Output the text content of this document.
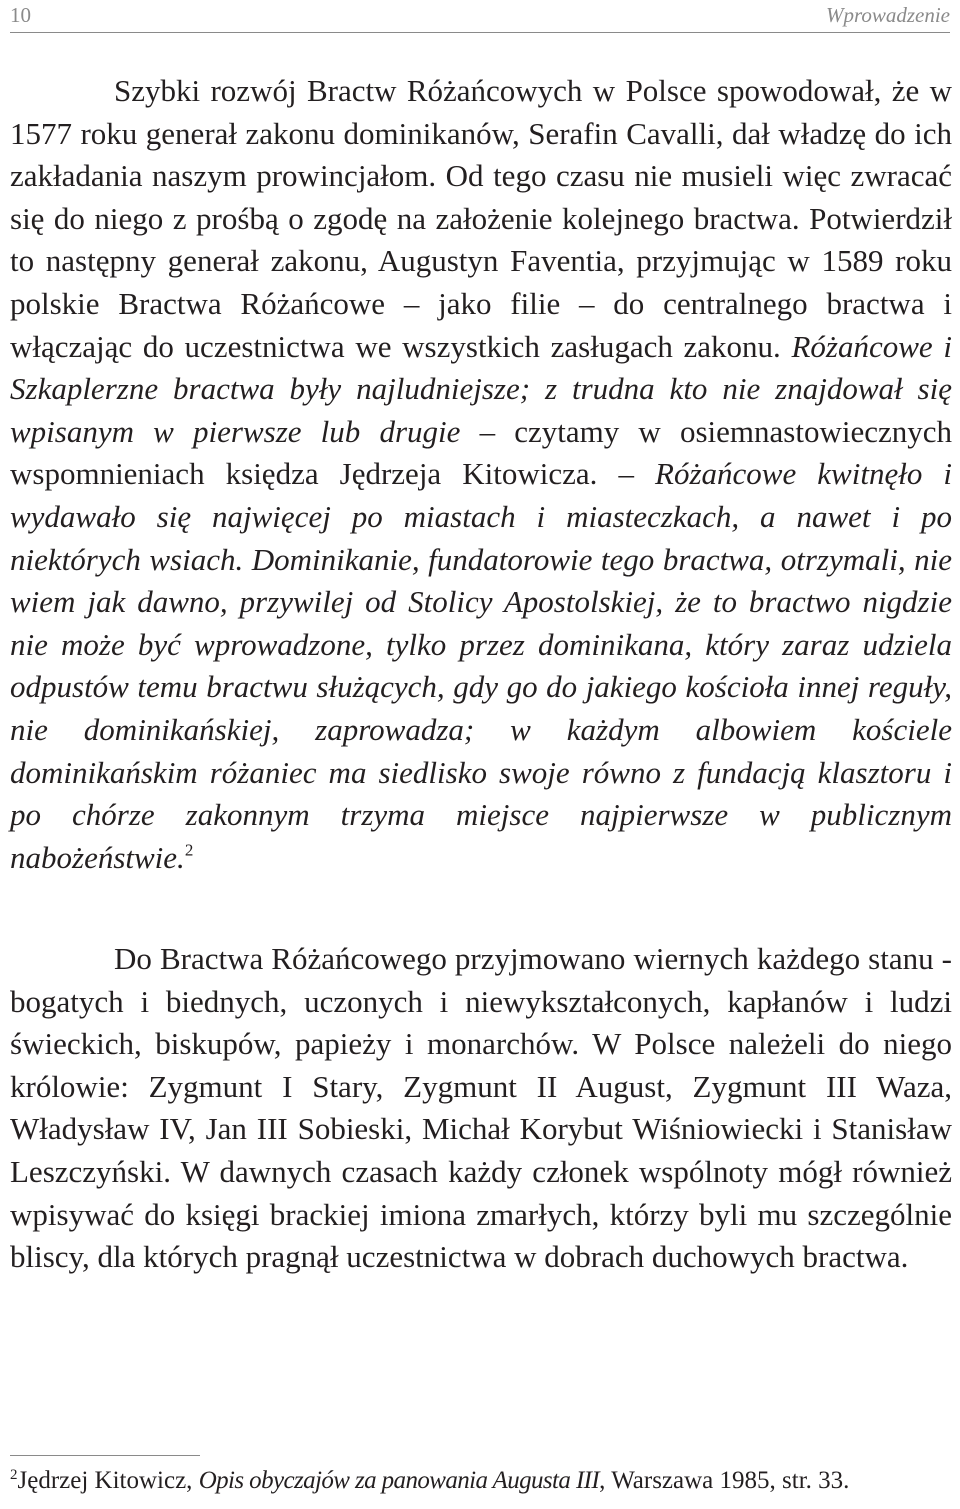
10	Wprowadzenie

Szybki rozwój Bractw Różańcowych w Polsce spowodował, że w 1577 roku generał zakonu dominikanów, Serafin Cavalli, dał władzę do ich zakładania naszym prowincjałom. Od tego czasu nie musieli więc zwracać się do niego z prośbą o zgodę na założenie kolejnego bractwa. Potwierdził to następny generał zakonu, Augustyn Faventia, przyjmując w 1589 roku polskie Bractwa Różańcowe – jako filie – do centralnego bractwa i włączając do uczestnictwa we wszystkich zasługach zakonu. Różańcowe i Szkaplerzne bractwa były najludniejsze; z trudna kto nie znajdował się wpisanym w pierwsze lub drugie – czytamy w osiemnastowiecznych wspomnieniach księdza Jędrzeja Kitowicza. – Różańcowe kwitnęło i wydawało się najwięcej po miastach i miasteczkach, a nawet i po niektórych wsiach. Dominikanie, fundatorowie tego bractwa, otrzymali, nie wiem jak dawno, przywilej od Stolicy Apostolskiej, że to bractwo nigdzie nie może być wprowadzone, tylko przez dominikana, który zaraz udziela odpustów temu bractwu służących, gdy go do jakiego kościoła innej reguły, nie dominikańskiej, zaprowadza; w każdym albowiem kościele dominikańskim różaniec ma siedlisko swoje równo z fundacją klasztoru i po chórze zakonnym trzyma miejsce najpierwsze w publicznym nabożeństwie.$^2$

Do Bractwa Różańcowego przyjmowano wiernych każdego stanu - bogatych i biednych, uczonych i niewykształconych, kapłanów i ludzi świeckich, biskupów, papieży i monarchów. W Polsce należeli do niego królowie: Zygmunt I Stary, Zygmunt II August, Zygmunt III Waza, Władysław IV, Jan III Sobieski, Michał Korybut Wiśniowiecki i Stanisław Leszczyński. W dawnych czasach każdy członek wspólnoty mógł również wpisywać do księgi brackiej imiona zmarłych, którzy byli mu szczególnie bliscy, dla których pragnął uczestnictwa w dobrach duchowych bractwa.

$^2$Jędrzej Kitowicz, Opis obyczajów za panowania Augusta III, Warszawa 1985, str. 33.
